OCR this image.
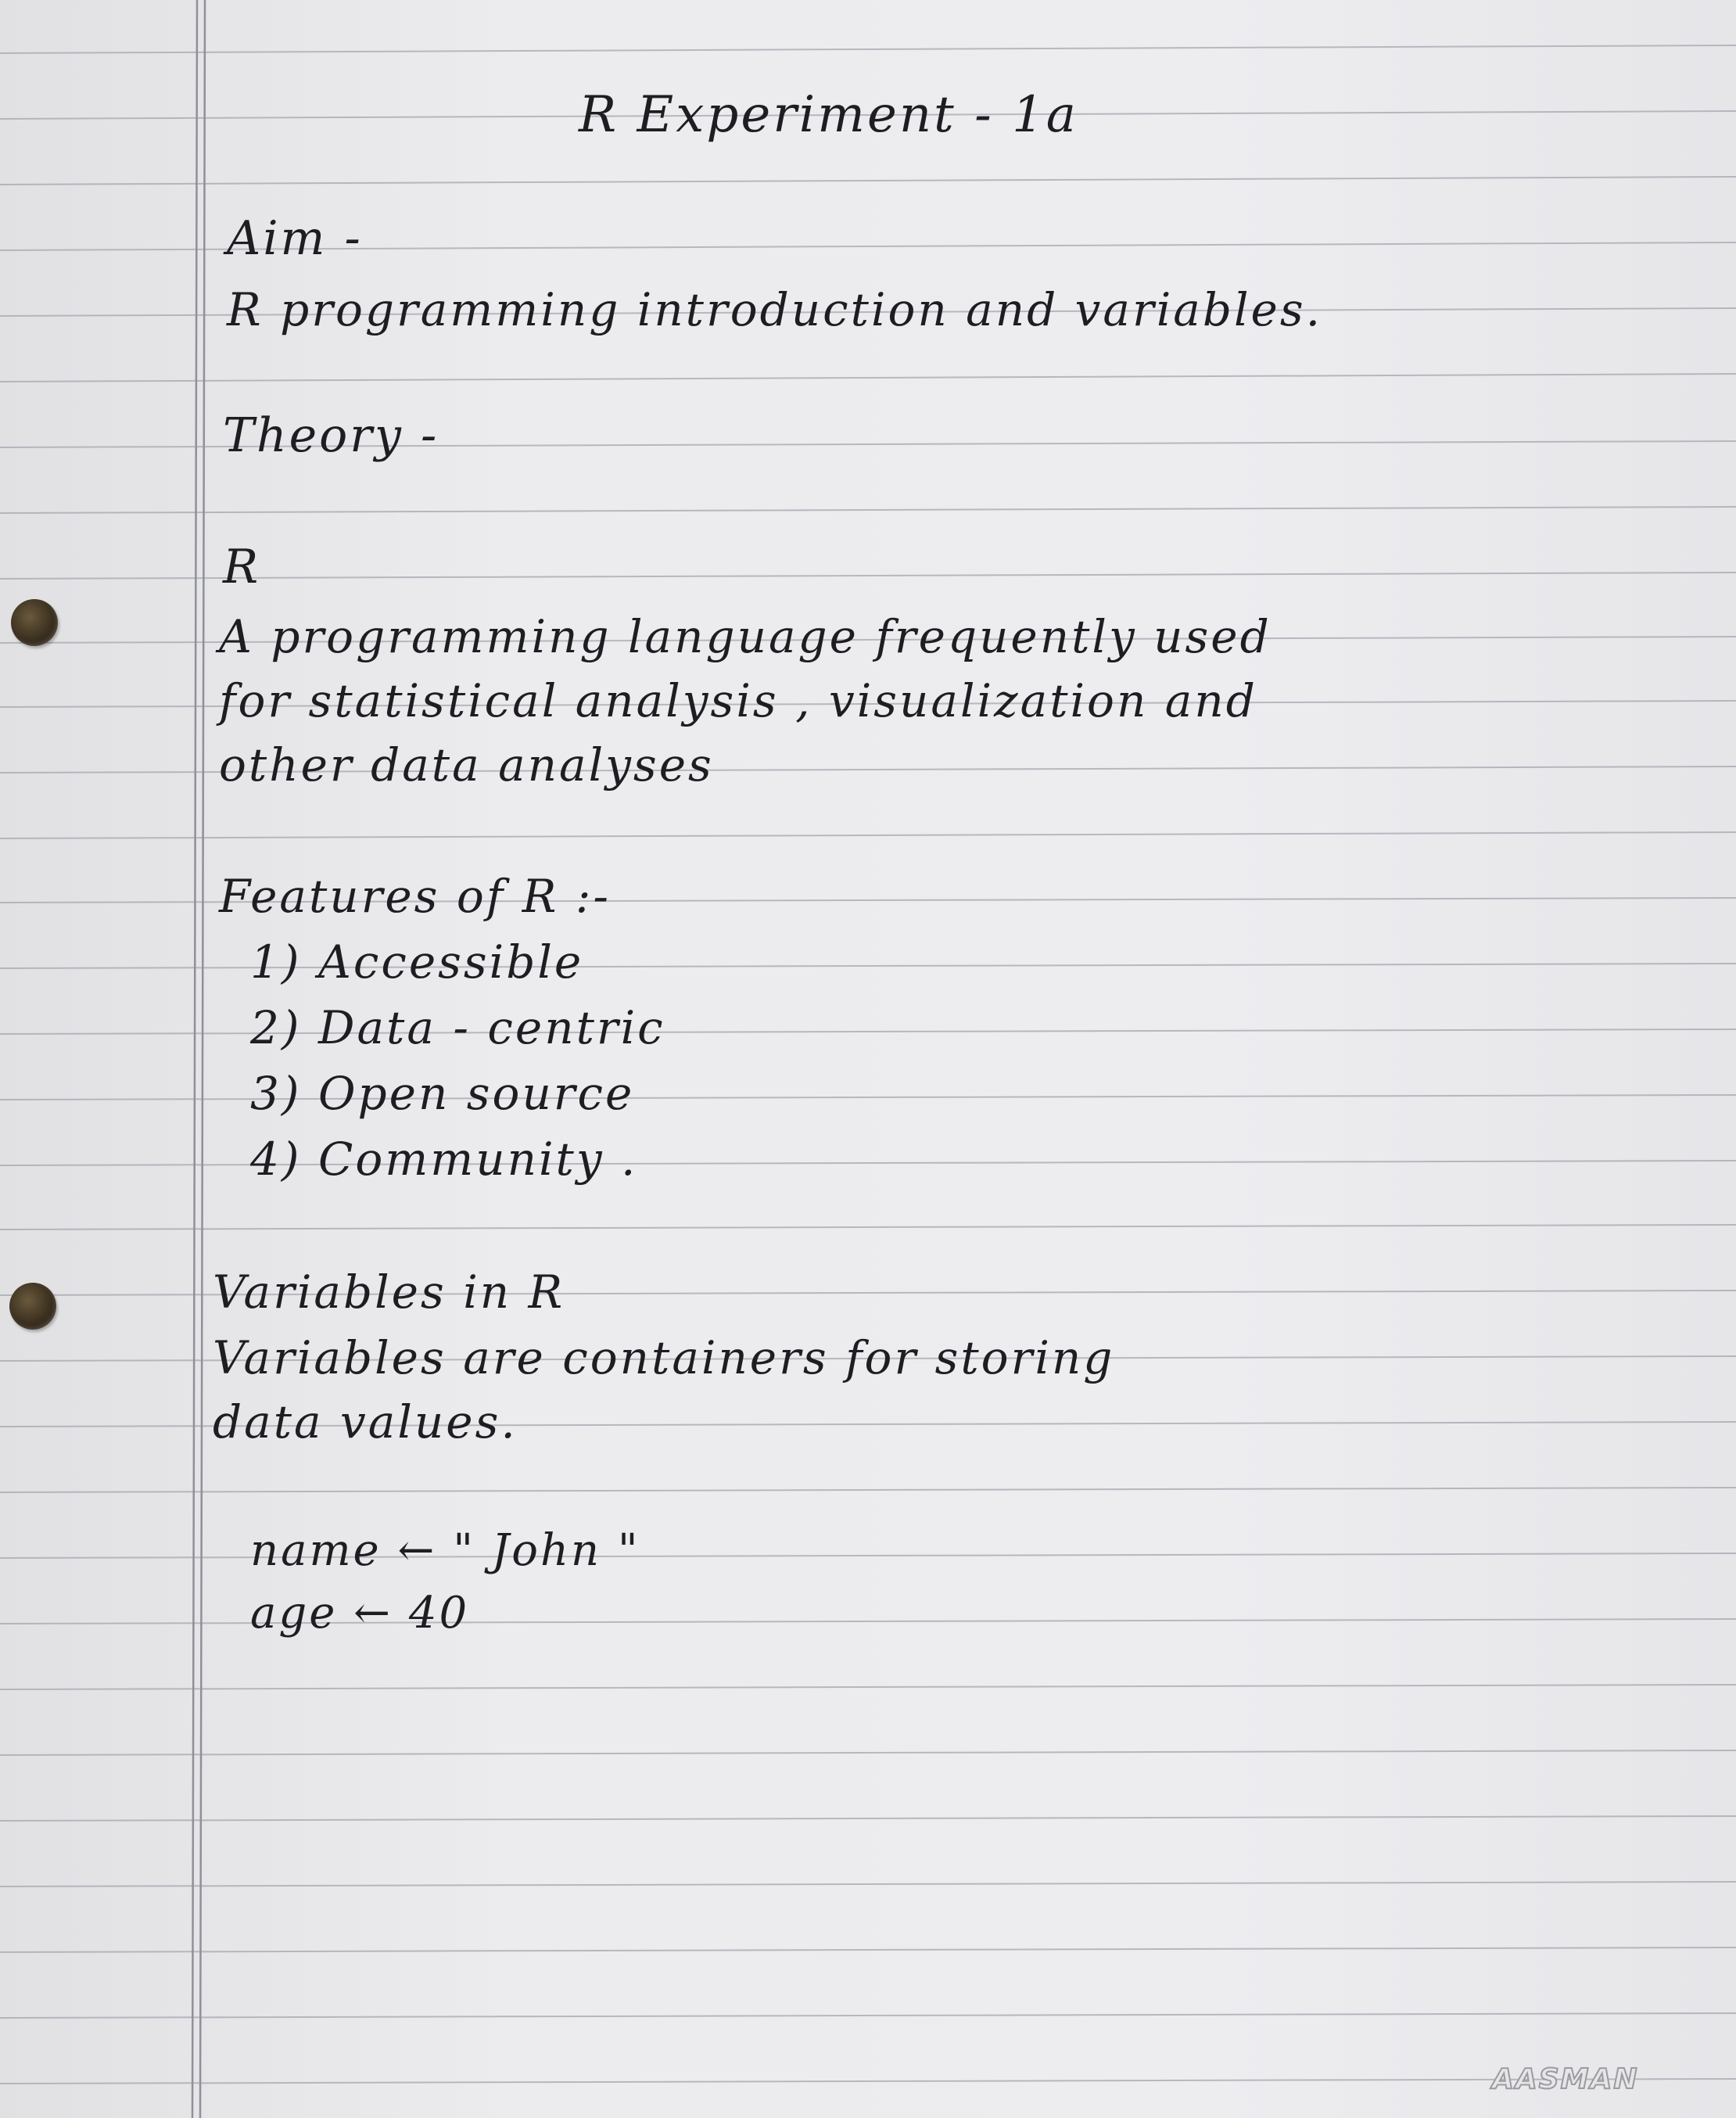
R Experiment - 1a
Aim -
R programming introduction and variables.
Theory -
R
A programming language frequently used
for statistical analysis , visualization and
other data analyses
Features of R :-
1) Accessible
2) Data - centric
3) Open source
4) Community .
Variables in R
Variables are containers for storing
data values.
name ← " John "
age ← 40
AASMAN
